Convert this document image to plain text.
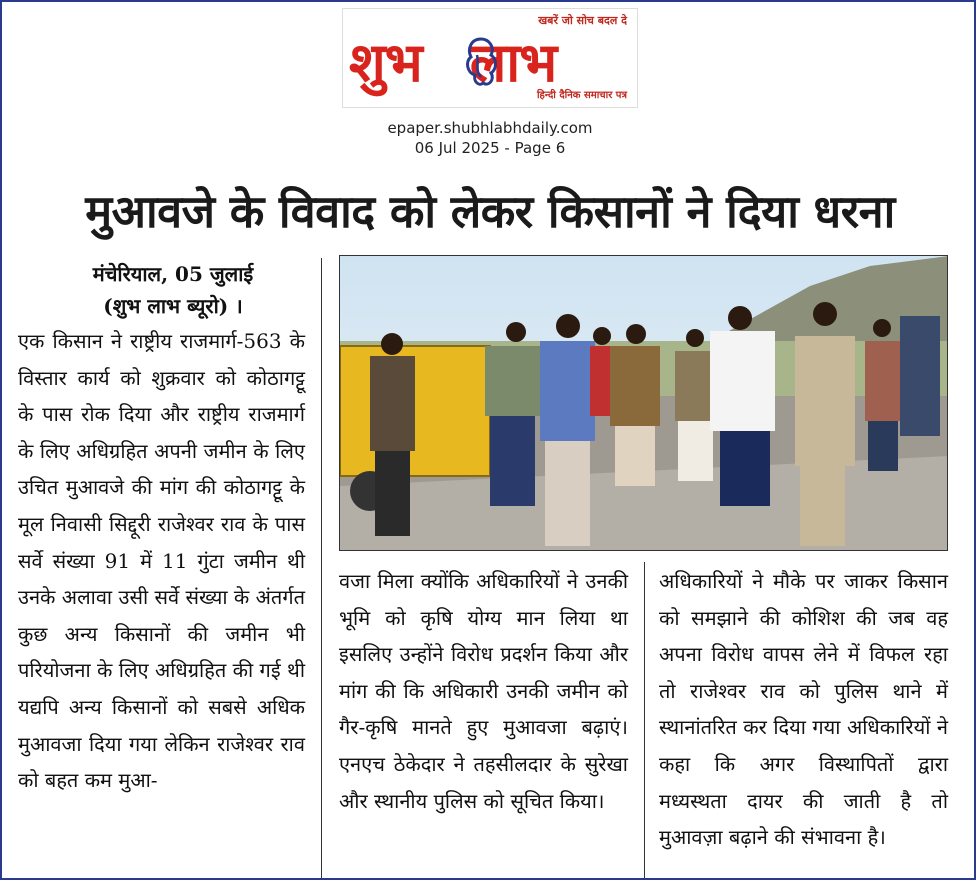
खबरें जो सोच बदल दे
शुभ लाभ
हिन्दी दैनिक समाचार पत्र
epaper.shubhlabhdaily.com
06 Jul 2025 - Page 6
मुआवजे के विवाद को लेकर किसानों ने दिया धरना
मंचेरियाल, 05 जुलाई
(शुभ लाभ ब्यूरो) ।
एक किसान ने राष्ट्रीय राजमार्ग-563 के विस्तार कार्य को शुक्रवार को कोठागट्टू के पास रोक दिया और राष्ट्रीय राजमार्ग के लिए अधिग्रहित अपनी जमीन के लिए उचित मुआवजे की मांग की कोठागट्टू के मूल निवासी सिद्दूरी राजेश्वर राव के पास सर्वे संख्या 91 में 11 गुंटा जमीन थी उनके अलावा उसी सर्वे संख्या के अंतर्गत कुछ अन्य किसानों की जमीन भी परियोजना के लिए अधिग्रहित की गई थी यद्यपि अन्य किसानों को सबसे अधिक मुआवजा दिया गया लेकिन राजेश्वर राव को बहत कम मुआ-
वजा मिला क्योंकि अधिकारियों ने उनकी भूमि को कृषि योग्य मान लिया था इसलिए उन्होंने विरोध प्रदर्शन किया और मांग की कि अधिकारी उनकी जमीन को गैर-कृषि मानते हुए मुआवजा बढ़ाएं। एनएच ठेकेदार ने तहसीलदार के सुरेखा और स्थानीय पुलिस को सूचित किया।
अधिकारियों ने मौके पर जाकर किसान को समझाने की कोशिश की जब वह अपना विरोध वापस लेने में विफल रहा तो राजेश्वर राव को पुलिस थाने में स्थानांतरित कर दिया गया अधिकारियों ने कहा कि अगर विस्थापितों द्वारा मध्यस्थता दायर की जाती है तो मुआवज़ा बढ़ाने की संभावना है।
